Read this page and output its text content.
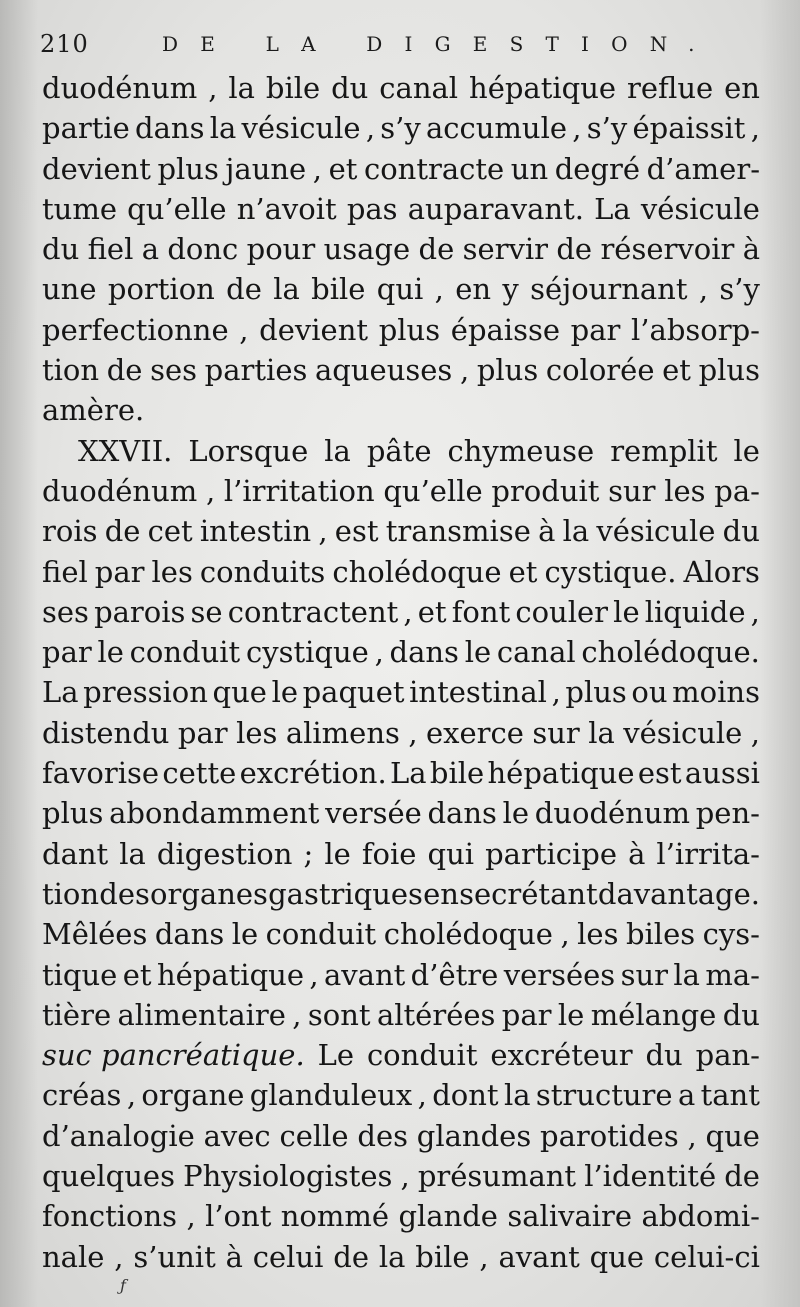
210	DE LA DIGESTION.
duodénum , la bile du canal hépatique reflue en
partie dans la vésicule , s’y accumule , s’y épaissit ,
devient plus jaune , et contracte un degré d’amer-
tume qu’elle n’avoit pas auparavant. La vésicule
du fiel a donc pour usage de servir de réservoir à
une portion de la bile qui , en y séjournant , s’y
perfectionne , devient plus épaisse par l’absorp-
tion de ses parties aqueuses , plus colorée et plus
amère.
XXVII. Lorsque la pâte chymeuse remplit le
duodénum , l’irritation qu’elle produit sur les pa-
rois de cet intestin , est transmise à la vésicule du
fiel par les conduits cholédoque et cystique. Alors
ses parois se contractent , et font couler le liquide ,
par le conduit cystique , dans le canal cholédoque.
La pression que le paquet intestinal , plus ou moins
distendu par les alimens , exerce sur la vésicule ,
favorise cette excrétion. La bile hépatique est aussi
plus abondamment versée dans le duodénum pen-
dant la digestion ; le foie qui participe à l’irrita-
tion des organes gastriques en secrétant davantage.
Mêlées dans le conduit cholédoque , les biles cys-
tique et hépatique , avant d’être versées sur la ma-
tière alimentaire , sont altérées par le mélange du
suc pancréatique. Le conduit excréteur du pan-
créas , organe glanduleux , dont la structure a tant
d’analogie avec celle des glandes parotides , que
quelques Physiologistes , présumant l’identité de
fonctions , l’ont nommé glande salivaire abdomi-
nale , s’unit à celui de la bile , avant que celui-ci
ƒ
